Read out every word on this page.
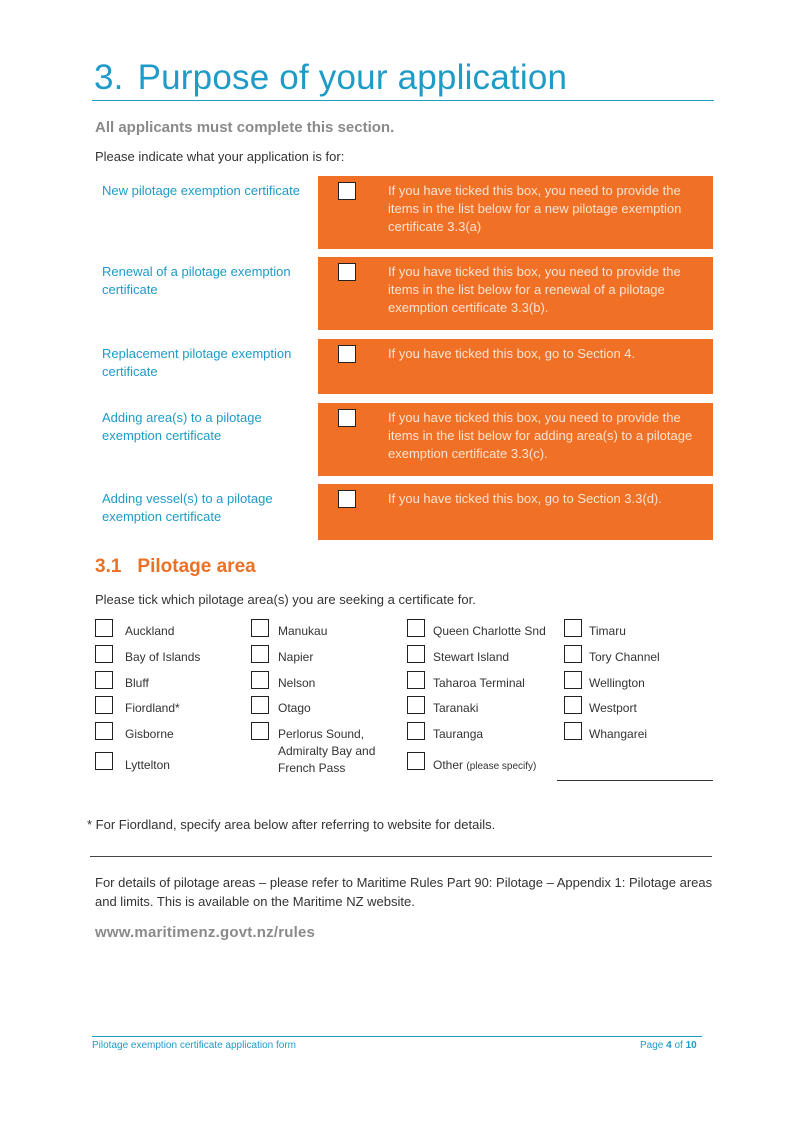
3. Purpose of your application
All applicants must complete this section.
Please indicate what your application is for:
New pilotage exemption certificate	If you have ticked this box, you need to provide the items in the list below for a new pilotage exemption certificate 3.3(a)
Renewal of a pilotage exemption certificate
If you have ticked this box, you need to provide the items in the list below for a renewal of a pilotage exemption certificate 3.3(b).
Replacement pilotage exemption certificate
If you have ticked this box, go to Section 4.
Adding area(s) to a pilotage exemption certificate
If you have ticked this box, you need to provide the items in the list below for adding area(s) to a pilotage exemption certificate 3.3(c).
Adding vessel(s) to a pilotage exemption certificate
If you have ticked this box, go to Section 3.3(d).
3.1 Pilotage area
Please tick which pilotage area(s) you are seeking a certificate for.
Auckland
Bay of Islands
Bluff
Fiordland*
Gisborne
Lyttelton
Manukau
Napier
Nelson
Otago
Perlorus Sound, Admiralty Bay and French Pass
Queen Charlotte Snd
Stewart Island
Taharoa Terminal
Taranaki
Tauranga
Other (please specify)
Timaru
Tory Channel
Wellington
Westport
Whangarei
* For Fiordland, specify area below after referring to website for details.
For details of pilotage areas – please refer to Maritime Rules Part 90: Pilotage – Appendix 1: Pilotage areas and limits. This is available on the Maritime NZ website.
www.maritimenz.govt.nz/rules
Pilotage exemption certificate application form	Page 4 of 10
